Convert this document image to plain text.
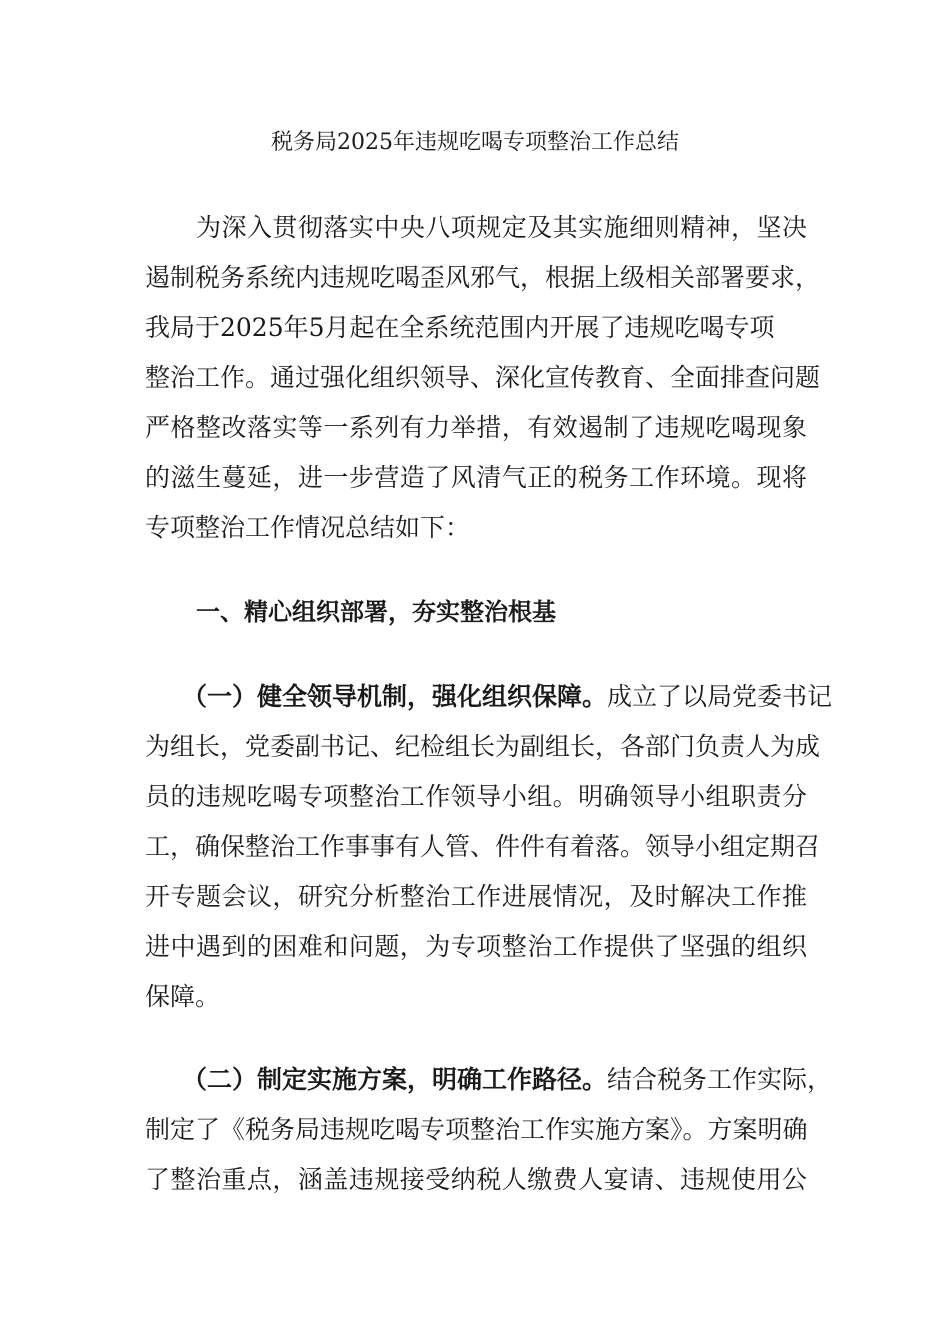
税务局2025年违规吃喝专项整治工作总结
为深入贯彻落实中央八项规定及其实施细则精神，坚决
遏制税务系统内违规吃喝歪风邪气，根据上级相关部署要求，
我局于2025年5月起在全系统范围内开展了违规吃喝专项
整治工作。通过强化组织领导、深化宣传教育、全面排查问题
严格整改落实等一系列有力举措，有效遏制了违规吃喝现象
的滋生蔓延，进一步营造了风清气正的税务工作环境。现将
专项整治工作情况总结如下：
一、精心组织部署，夯实整治根基
（一）健全领导机制，强化组织保障。成立了以局党委书记
为组长，党委副书记、纪检组长为副组长，各部门负责人为成
员的违规吃喝专项整治工作领导小组。明确领导小组职责分
工，确保整治工作事事有人管、件件有着落。领导小组定期召
开专题会议，研究分析整治工作进展情况，及时解决工作推
进中遇到的困难和问题，为专项整治工作提供了坚强的组织
保障。
（二）制定实施方案，明确工作路径。结合税务工作实际，
制定了《税务局违规吃喝专项整治工作实施方案》。方案明确
了整治重点，涵盖违规接受纳税人缴费人宴请、违规使用公
